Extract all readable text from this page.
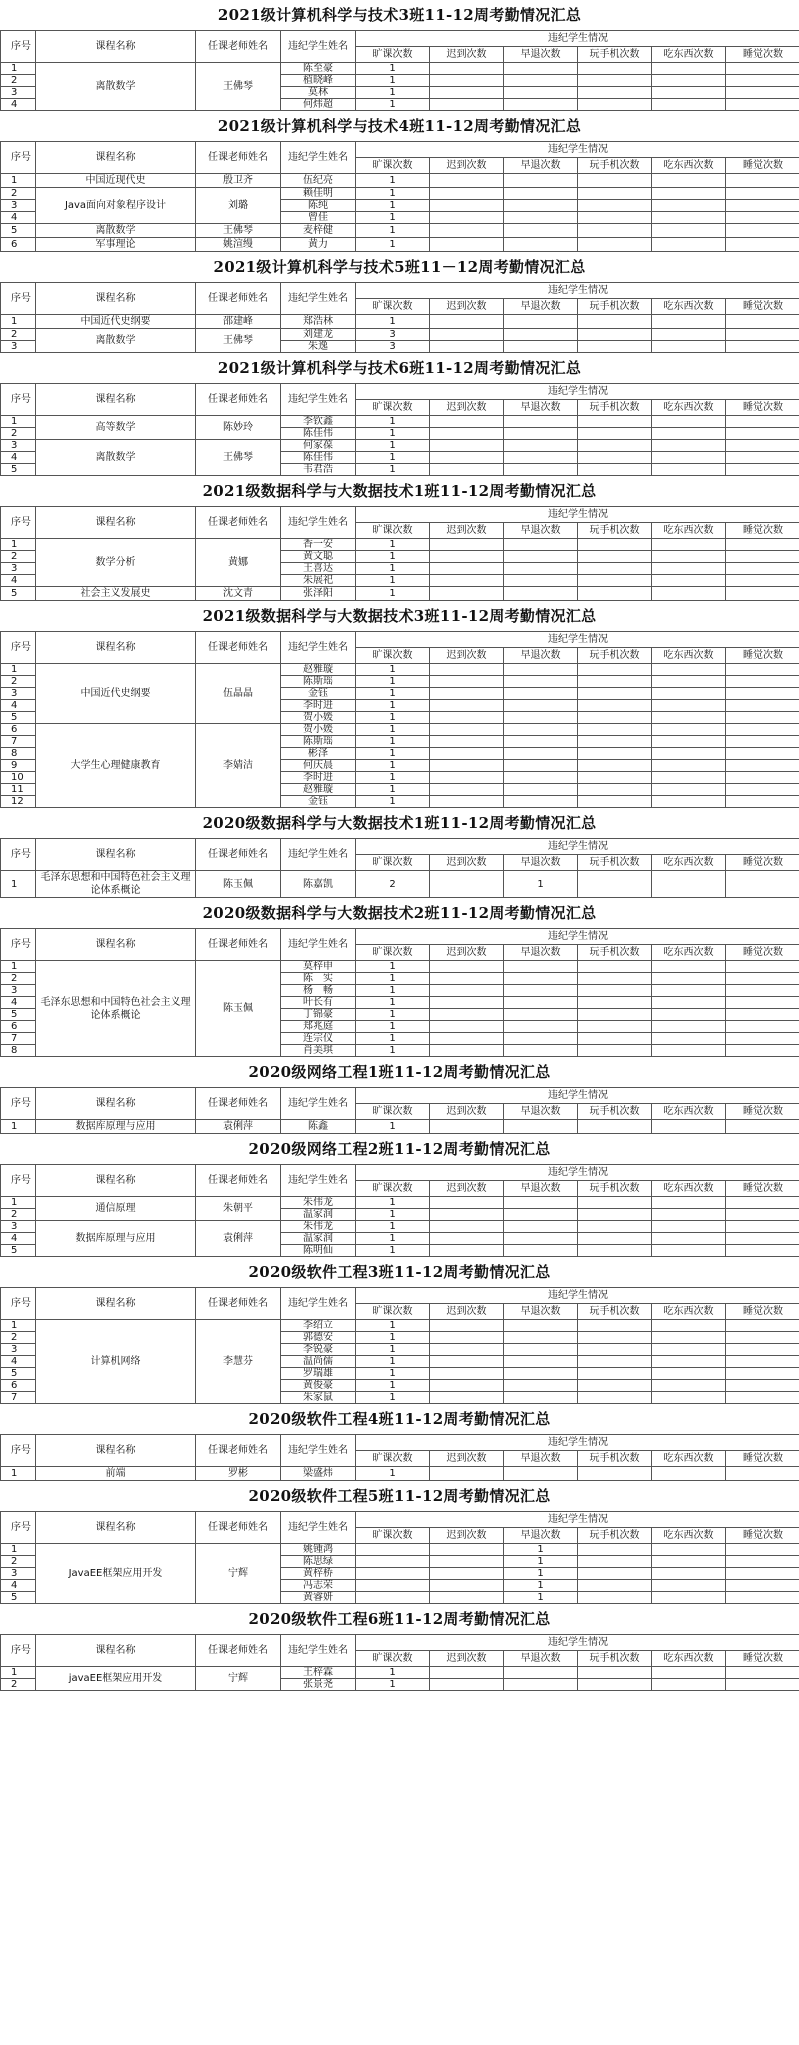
2021级计算机科学与技术3班11-12周考勤情况汇总
序号	课程名称	任课老师姓名	违纪学生姓名	违纪学生情况					
				旷课次数	迟到次数	早退次数	玩手机次数	吃东西次数	睡觉次数
1	离散数学	王佛琴	陈至豪	1					
2			植晓峰	1					
3			莫林	1					
4			何炜超	1					
2021级计算机科学与技术4班11-12周考勤情况汇总
序号	课程名称	任课老师姓名	违纪学生姓名	违纪学生情况					
				旷课次数	迟到次数	早退次数	玩手机次数	吃东西次数	睡觉次数
1	中国近现代史	殷卫齐	伍纪亮	1					
2	Java面向对象程序设计	刘璐	赖佳明	1					
3			陈纯	1					
4			曾佳	1					
5	离散数学	王佛琴	麦梓健	1					
6	军事理论	姚渲缦	黄力	1					
2021级计算机科学与技术5班11－12周考勤情况汇总
序号	课程名称	任课老师姓名	违纪学生姓名	违纪学生情况					
				旷课次数	迟到次数	早退次数	玩手机次数	吃东西次数	睡觉次数
1	中国近代史纲要	邵建峰	郑浩林	1					
2	离散数学	王佛琴	刘建龙	3					
3			朱逸	3					
2021级计算机科学与技术6班11-12周考勤情况汇总
序号	课程名称	任课老师姓名	违纪学生姓名	违纪学生情况					
				旷课次数	迟到次数	早退次数	玩手机次数	吃东西次数	睡觉次数
1	高等数学	陈妙玲	李钦鑫	1					
2			陈佳伟	1					
3	离散数学	王佛琴	何家葆	1					
4			陈佳伟	1					
5			韦君浩	1					
2021级数据科学与大数据技术1班11-12周考勤情况汇总
序号	课程名称	任课老师姓名	违纪学生姓名	违纪学生情况					
				旷课次数	迟到次数	早退次数	玩手机次数	吃东西次数	睡觉次数
1	数学分析	黄娜	香一安	1					
2			黄文聪	1					
3			王喜达	1					
4			朱展祀	1					
5	社会主义发展史	沈文青	张泽阳	1					
2021级数据科学与大数据技术3班11-12周考勤情况汇总
序号	课程名称	任课老师姓名	违纪学生姓名	违纪学生情况					
				旷课次数	迟到次数	早退次数	玩手机次数	吃东西次数	睡觉次数
1	中国近代史纲要	伍晶晶	赵雅璇	1					
2			陈斯瑶	1					
3			金钰	1					
4			李时进	1					
5			贺小媛	1					
6	大学生心理健康教育	李婧洁	贺小媛	1					
7			陈斯瑶	1					
8			彬泽	1					
9			何庆晨	1					
10			李时进	1					
11			赵雅璇	1					
12			金钰	1					
2020级数据科学与大数据技术1班11-12周考勤情况汇总
序号	课程名称	任课老师姓名	违纪学生姓名	违纪学生情况					
				旷课次数	迟到次数	早退次数	玩手机次数	吃东西次数	睡觉次数
1	毛泽东思想和中国特色社会主义理论体系概论	陈玉佩	陈嘉凯	2		1			
2020级数据科学与大数据技术2班11-12周考勤情况汇总
序号	课程名称	任课老师姓名	违纪学生姓名	违纪学生情况					
				旷课次数	迟到次数	早退次数	玩手机次数	吃东西次数	睡觉次数
1	毛泽东思想和中国特色社会主义理论体系概论	陈玉佩	莫梓申	1					
2			陈　实	1					
3			杨　畅	1					
4			叶长有	1					
5			丁锦豪	1					
6			郑兆庭	1					
7			连宗仪	1					
8			肖美琪	1					
2020级网络工程1班11-12周考勤情况汇总
序号	课程名称	任课老师姓名	违纪学生姓名	违纪学生情况					
				旷课次数	迟到次数	早退次数	玩手机次数	吃东西次数	睡觉次数
1	数据库原理与应用	袁俐萍	陈鑫	1					
2020级网络工程2班11-12周考勤情况汇总
序号	课程名称	任课老师姓名	违纪学生姓名	违纪学生情况					
				旷课次数	迟到次数	早退次数	玩手机次数	吃东西次数	睡觉次数
1	通信原理	朱朝平	朱伟龙	1					
2			温家润	1					
3	数据库原理与应用	袁俐萍	朱伟龙	1					
4			温家润	1					
5			陈明仙	1					
2020级软件工程3班11-12周考勤情况汇总
序号	课程名称	任课老师姓名	违纪学生姓名	违纪学生情况					
				旷课次数	迟到次数	早退次数	玩手机次数	吃东西次数	睡觉次数
1	计算机网络	李慧芬	李绍立	1					
2			郭德安	1					
3			李锐豪	1					
4			温尚儒	1					
5			罗瑞雄	1					
6			黄俊豪	1					
7			朱家鼠	1					
2020级软件工程4班11-12周考勤情况汇总
序号	课程名称	任课老师姓名	违纪学生姓名	违纪学生情况					
				旷课次数	迟到次数	早退次数	玩手机次数	吃东西次数	睡觉次数
1	前端	罗彬	梁盛炜	1					
2020级软件工程5班11-12周考勤情况汇总
序号	课程名称	任课老师姓名	违纪学生姓名	违纪学生情况					
				旷课次数	迟到次数	早退次数	玩手机次数	吃东西次数	睡觉次数
1	JavaEE框架应用开发	宁辉	姚锺鸿			1			
2			陈思绿			1			
3			黄梓桥			1			
4			冯志荣			1			
5			黄睿妍			1			
2020级软件工程6班11-12周考勤情况汇总
序号	课程名称	任课老师姓名	违纪学生姓名	违纪学生情况					
				旷课次数	迟到次数	早退次数	玩手机次数	吃东西次数	睡觉次数
1	javaEE框架应用开发	宁辉	王梓霖	1					
2			张景尧	1					
